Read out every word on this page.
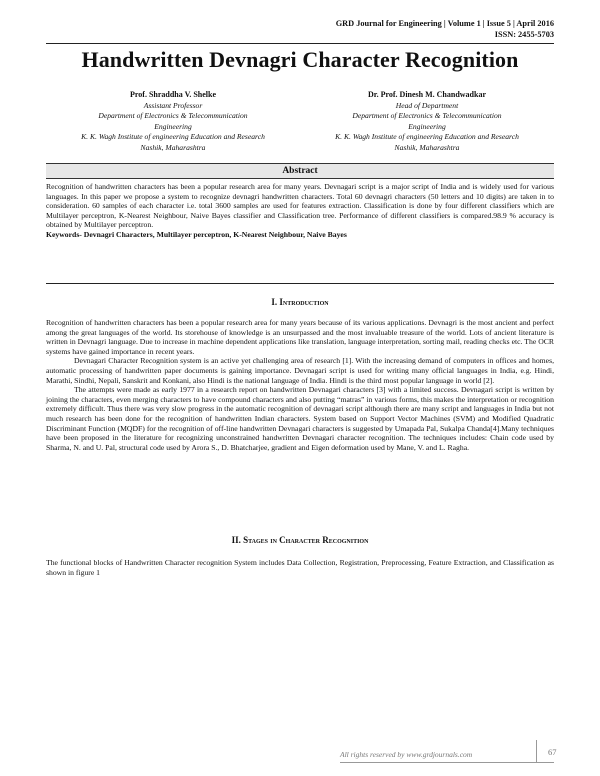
GRD Journal for Engineering | Volume 1 | Issue 5 | April 2016
ISSN: 2455-5703
Handwritten Devnagri Character Recognition
Prof. Shraddha V. Shelke
Assistant Professor
Department of Electronics & Telecommunication
Engineering
K. K. Wagh Institute of engineering Education and Research
Nashik, Maharashtra
Dr. Prof. Dinesh M. Chandwadkar
Head of Department
Department of Electronics & Telecommunication
Engineering
K. K. Wagh Institute of engineering Education and Research
Nashik, Maharashtra
Abstract

Recognition of handwritten characters has been a popular research area for many years. Devnagari script is a major script of India and is widely used for various languages. In this paper we propose a system to recognize devnagri handwritten characters. Total 60 devnagri characters (50 letters and 10 digits) are taken in to consideration. 60 samples of each character i.e. total 3600 samples are used for features extraction. Classification is done by four different classifiers which are Multilayer perceptron, K-Nearest Neighbour, Naive Bayes classifier and Classification tree. Performance of different classifiers is compared.98.9 % accuracy is obtained by Multilayer perceptron.

Keywords- Devnagri Characters, Multilayer perceptron, K-Nearest Neighbour, Naive Bayes

I. Introduction

Recognition of handwritten characters has been a popular research area for many years because of its various applications. Devnagri is the most ancient and perfect among the great languages of the world. Its storehouse of knowledge is an unsurpassed and the most invaluable treasure of the world. Lots of ancient literature is written in Devnagri language. Due to increase in machine dependent applications like translation, language interpretation, sorting mail, reading checks etc. The OCR systems have gained importance in recent years.

Devnagari Character Recognition system is an active yet challenging area of research [1]. With the increasing demand of computers in offices and homes, automatic processing of handwritten paper documents is gaining importance. Devnagari script is used for writing many official languages in India, e.g. Hindi, Marathi, Sindhi, Nepali, Sanskrit and Konkani, also Hindi is the national language of India. Hindi is the third most popular language in world [2].

The attempts were made as early 1977 in a research report on handwritten Devnagari characters [3] with a limited success. Devnagari script is written by joining the characters, even merging characters to have compound characters and also putting “matras” in various forms, this makes the interpretation or recognition extremely difficult. Thus there was very slow progress in the automatic recognition of devnagari script although there are many script and languages in India but not much research has been done for the recognition of handwritten Indian characters. System based on Support Vector Machines (SVM) and Modified Quadratic Discriminant Function (MQDF) for the recognition of off-line handwritten Devnagari characters is suggested by Umapada Pal, Sukalpa Chanda[4].Many techniques have been proposed in the literature for recognizing unconstrained handwritten Devnagari character recognition. The techniques includes: Chain code used by Sharma, N. and U. Pal, structural code used by Arora S., D. Bhatcharjee, gradient and Eigen deformation used by Mane, V. and L. Ragha.

II. Stages in Character Recognition

The functional blocks of Handwritten Character recognition System includes Data Collection, Registration, Preprocessing, Feature Extraction, and Classification as shown in figure 1

All rights reserved by www.grdjournals.com	67
